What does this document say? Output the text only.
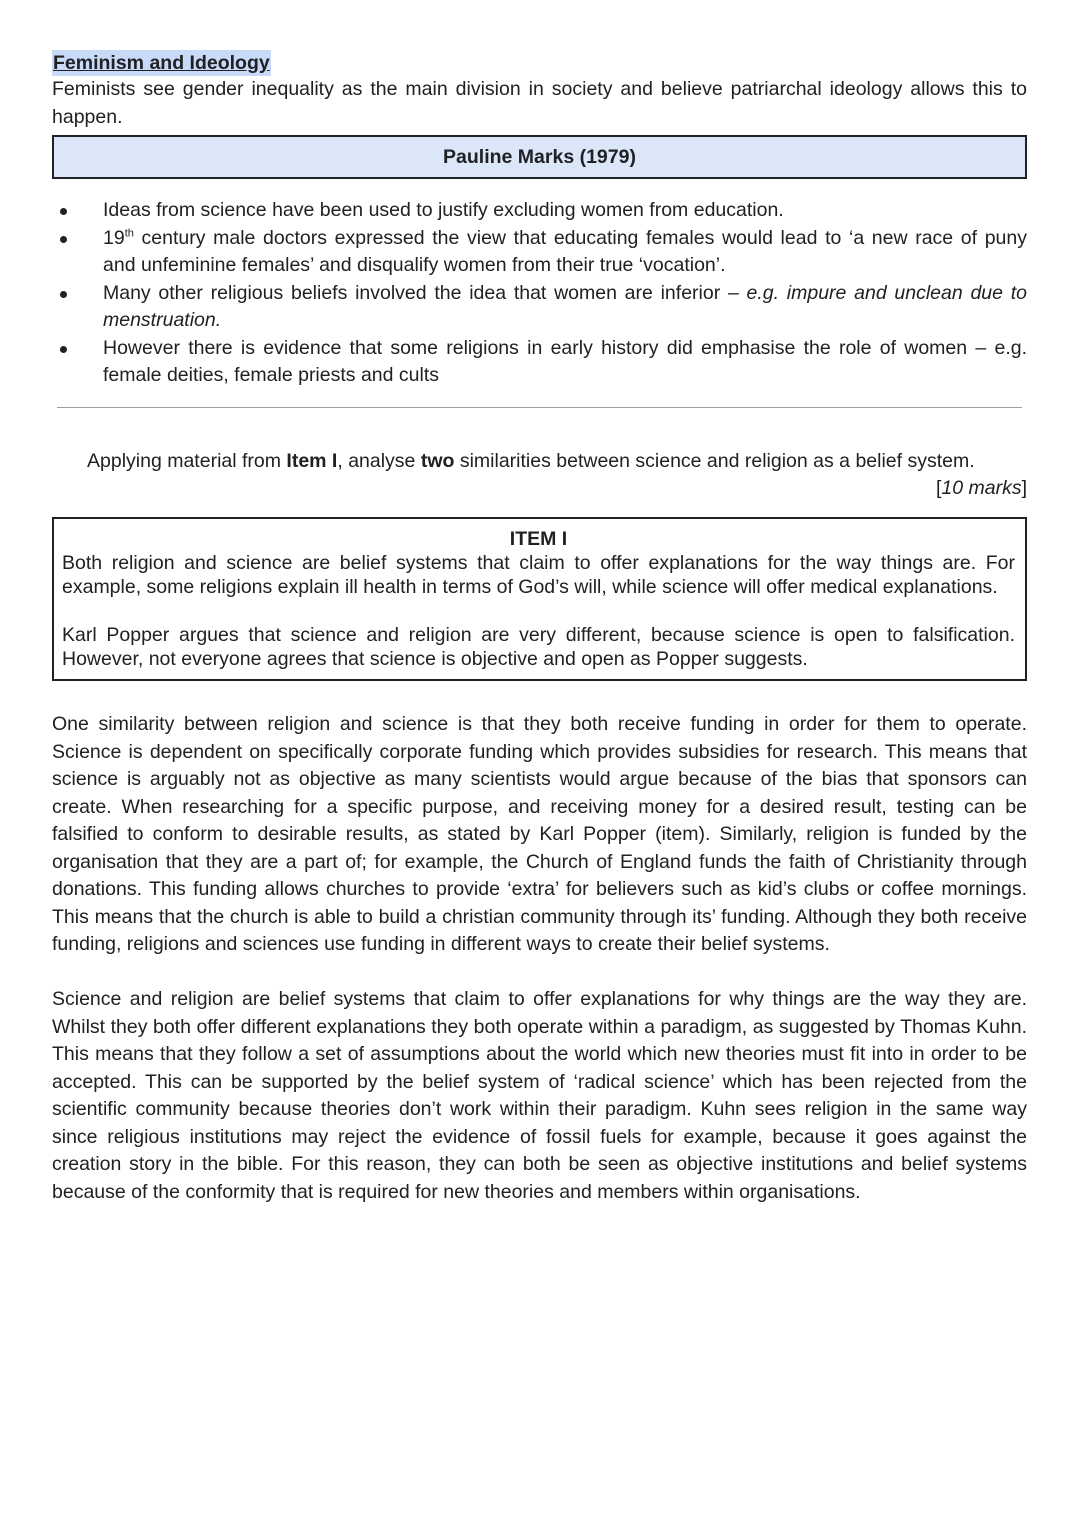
Feminism and Ideology

Feminists see gender inequality as the main division in society and believe patriarchal ideology allows this to happen.

Pauline Marks (1979)
Ideas from science have been used to justify excluding women from education.
19th century male doctors expressed the view that educating females would lead to ‘a new race of puny and unfeminine females’ and disqualify women from their true ‘vocation’.
Many other religious beliefs involved the idea that women are inferior – e.g. impure and unclean due to menstruation.
However there is evidence that some religions in early history did emphasise the role of women – e.g. female deities, female priests and cults
Applying material from Item I, analyse two similarities between science and religion as a belief system.
[10 marks]
ITEM I

Both religion and science are belief systems that claim to offer explanations for the way things are. For example, some religions explain ill health in terms of God’s will, while science will offer medical explanations.

Karl Popper argues that science and religion are very different, because science is open to falsification. However, not everyone agrees that science is objective and open as Popper suggests.

One similarity between religion and science is that they both receive funding in order for them to operate. Science is dependent on specifically corporate funding which provides subsidies for research. This means that science is arguably not as objective as many scientists would argue because of the bias that sponsors can create. When researching for a specific purpose, and receiving money for a desired result, testing can be falsified to conform to desirable results, as stated by Karl Popper (item). Similarly, religion is funded by the organisation that they are a part of; for example, the Church of England funds the faith of Christianity through donations. This funding allows churches to provide ‘extra’ for believers such as kid’s clubs or coffee mornings. This means that the church is able to build a christian community through its’ funding. Although they both receive funding, religions and sciences use funding in different ways to create their belief systems.

Science and religion are belief systems that claim to offer explanations for why things are the way they are. Whilst they both offer different explanations they both operate within a paradigm, as suggested by Thomas Kuhn. This means that they follow a set of assumptions about the world which new theories must fit into in order to be accepted. This can be supported by the belief system of ‘radical science’ which has been rejected from the scientific community because theories don’t work within their paradigm. Kuhn sees religion in the same way since religious institutions may reject the evidence of fossil fuels for example, because it goes against the creation story in the bible. For this reason, they can both be seen as objective institutions and belief systems because of the conformity that is required for new theories and members within organisations.
